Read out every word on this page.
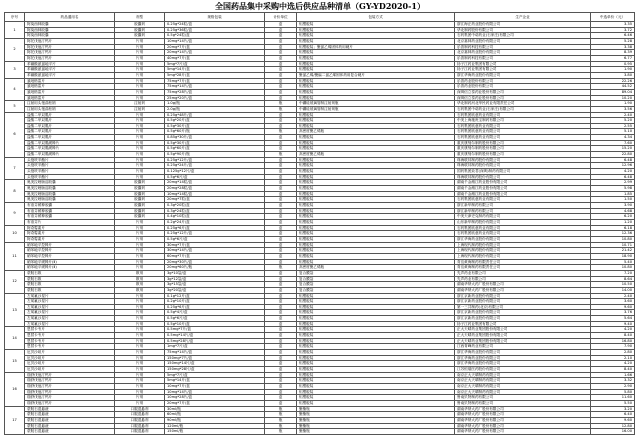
全国药品集中采购中选后供应品种清单（GY-YD2020-1）
序号	药品通用名	剂型	规格包装	计价单位	包装方式	生产企业	中选单价（元）
1	阿莫西林胶囊	胶囊剂	0.25g*24粒/盒	盒	铝塑板装	浙江海正药业股份有限公司	3.35
	阿莫西林胶囊	胶囊剂	0.25g*36粒/盒	盒	铝塑板装	华北制药股份有限公司	3.72
	阿莫西林胶囊	胶囊剂	0.5g*24粒/盒	盒	铝塑板装	石药集团中诺药业(石家庄)有限公司	6.46
2	阿托伐他汀钙片	片剂	10mg*14片/盒	盒	铝塑板装	北京嘉林药业股份有限公司	5.28
	阿托伐他汀钙片	片剂	20mg*7片/盒	盒	铝塑板装；聚氯乙烯固体药用硬片	乐普制药科技有限公司	3.38
	阿托伐他汀钙片	片剂	20mg*14片/盒	盒	铝塑板装	北京嘉林药业股份有限公司	8.39
	阿托伐他汀钙片	片剂	40mg*7片/盒	盒	铝塑板装	乐普制药科技有限公司	6.77
3	苯磺酸氨氯地平片	片剂	5mg*7片/盒	盒	铝塑板装	扬子江药业集团有限公司	0.95
	苯磺酸氨氯地平片	片剂	5mg*14片/盒	盒	铝塑板装	扬子江药业集团有限公司	1.90
	苯磺酸氨氯地平片	片剂	5mg*28片/盒	盒	聚氯乙烯/聚偏二氯乙烯固体药用复合硬片	浙江华海药业股份有限公司	3.80
4	氯吡格雷片	片剂	75mg*7片/盒	盒	铝塑板装	乐普药业股份有限公司	22.26
	氯吡格雷片	片剂	75mg*14片/盒	盒	铝塑板装	乐普药业股份有限公司	44.52
	氯吡格雷片	片剂	75mg*28片/盒	盒	铝塑板装	深圳信立泰药业股份有限公司	89.04
	氯吡格雷片	片剂	25mg*20片/盒	盒	铝塑板装	深圳信立泰药业股份有限公司	10.20
5	注射用头孢曲松钠	注射剂	1.0g/瓶	瓶	中硼硅玻璃管制注射剂瓶	华北制药河北华民药业有限责任公司	1.90
	注射用头孢曲松钠	注射剂	2.0g/瓶	瓶	中硼硅玻璃管制注射剂瓶	石药集团中诺药业(石家庄)有限公司	3.56
6	盐酸二甲双胍片	片剂	0.25g*48片/盒	盒	铝塑板装	石药集团欧意药业有限公司	2.40
	盐酸二甲双胍片	片剂	0.5g*20片/盒	盒	铝塑板装	中美上海施贵宝制药有限公司	5.20
	盐酸二甲双胍片	片剂	0.5g*30片/盒	盒	铝塑板装	石药集团欧意药业有限公司	2.55
	盐酸二甲双胍片	片剂	0.5g*60片/瓶	瓶	高密度聚乙烯瓶	石药集团欧意药业有限公司	5.10
	盐酸二甲双胍片	片剂	0.85g*30片/盒	盒	铝塑板装	石药集团欧意药业有限公司	4.34
	盐酸二甲双胍缓释片	片剂	0.5g*30片/盒	盒	铝塑板装	重庆康刻尔制药股份有限公司	7.60
	盐酸二甲双胍缓释片	片剂	0.5g*60片/盒	盒	铝塑板装	重庆康刻尔制药股份有限公司	15.20
	盐酸二甲双胍缓释片	片剂	0.5g*90片/瓶	瓶	高密度聚乙烯瓶	重庆康刻尔制药股份有限公司	22.80
7	头孢呋辛酯片	片剂	0.25g*12片/盒	盒	铝塑板装	珠海联邦制药股份有限公司	6.48
	头孢呋辛酯片	片剂	0.25g*24片/盒	盒	铝塑板装	珠海联邦制药股份有限公司	12.96
	头孢呋辛酯片	片剂	0.125g*12片/盒	盒	铝塑板装	国药集团致君(深圳)制药有限公司	4.20
	头孢呋辛酯片	片剂	0.5g*6片/盒	盒	铝塑板装	珠海联邦制药股份有限公司	6.48
8	奥美拉唑肠溶胶囊	胶囊剂	20mg*14粒/盒	盒	铝塑板装	湖南千金湘江药业股份有限公司	2.99
	奥美拉唑肠溶胶囊	胶囊剂	20mg*28粒/盒	盒	铝塑板装	湖南千金湘江药业股份有限公司	5.98
	奥美拉唑肠溶胶囊	胶囊剂	10mg*14粒/盒	盒	铝塑板装	湖南千金湘江药业股份有限公司	1.85
	奥美拉唑肠溶胶囊	胶囊剂	20mg*7粒/盒	盒	铝塑板装	石药集团欧意药业有限公司	1.50
9	布洛芬缓释胶囊	胶囊剂	0.3g*20粒/盒	盒	铝塑板装	浙江新华制药有限公司	3.90
	布洛芬缓释胶囊	胶囊剂	0.3g*24粒/盒	盒	铝塑板装	浙江新华制药有限公司	4.68
	布洛芬缓释胶囊	胶囊剂	0.4g*10粒/盒	盒	铝塑板装	中美天津史克制药有限公司	6.20
	布洛芬片	片剂	0.2g*24片/盒	盒	铝塑板装	山东新华制药股份有限公司	1.20
10	阿奇霉素片	片剂	0.25g*6片/盒	盒	铝塑板装	石药集团欧意药业有限公司	6.18
	阿奇霉素片	片剂	0.25g*12片/盒	盒	铝塑板装	石药集团欧意药业有限公司	12.36
	阿奇霉素片	片剂	0.5g*6片/盒	盒	铝塑板装	浙江华海药业股份有限公司	10.80
11	硝苯地平控释片	片剂	30mg*7片/盒	盒	铝塑板装	上海现代制药股份有限公司	10.71
	硝苯地平控释片	片剂	30mg*14片/盒	盒	铝塑板装	上海现代制药股份有限公司	21.42
	硝苯地平控释片	片剂	60mg*7片/盒	盒	铝塑板装	上海现代制药股份有限公司	18.90
	硝苯地平缓释片(Ⅱ)	片剂	20mg*30片/盒	盒	铝塑板装	青岛黄海制药有限责任公司	5.40
	硝苯地平缓释片(Ⅱ)	片剂	20mg*60片/瓶	瓶	高密度聚乙烯瓶	青岛黄海制药有限责任公司	10.80
12	蒙脱石散	散剂	3g*10袋/盒	盒	复合膜袋	先声药业有限公司	7.20
	蒙脱石散	散剂	3g*12袋/盒	盒	复合膜袋	先声药业有限公司	8.64
	蒙脱石散	散剂	3g*15袋/盒	盒	复合膜袋	湖南华纳大药厂股份有限公司	10.50
	蒙脱石散	散剂	3g*20袋/盒	盒	复合膜袋	湖南华纳大药厂股份有限公司	14.00
13	左氧氟沙星片	片剂	0.1g*12片/盒	盒	铝塑板装	浙江京新药业股份有限公司	2.40
	左氧氟沙星片	片剂	0.2g*10片/盒	盒	铝塑板装	浙江京新药业股份有限公司	3.60
	左氧氟沙星片	片剂	0.25g*6片/盒	盒	铝塑板装	第一三共制药(北京)有限公司	9.60
	左氧氟沙星片	片剂	0.5g*4片/盒	盒	铝塑板装	浙江京新药业股份有限公司	3.76
	左氧氟沙星片	片剂	0.5g*6片/盒	盒	铝塑板装	浙江京新药业股份有限公司	5.64
	左氧氟沙星片	片剂	0.5g*10片/盒	盒	铝塑板装	扬子江药业集团有限公司	9.40
14	恩替卡韦片	片剂	0.5mg*7片/盒	盒	铝塑板装	正大天晴药业集团股份有限公司	4.20
	恩替卡韦片	片剂	0.5mg*14片/盒	盒	铝塑板装	正大天晴药业集团股份有限公司	8.40
	恩替卡韦片	片剂	0.5mg*28片/盒	盒	铝塑板装	正大天晴药业集团股份有限公司	16.80
	恩替卡韦片	片剂	1mg*7片/盒	盒	铝塑板装	江西青峰药业有限公司	7.90
15	厄贝沙坦片	片剂	75mg*14片/盒	盒	铝塑板装	浙江华海药业股份有限公司	2.80
	厄贝沙坦片	片剂	150mg*7片/盒	盒	铝塑板装	浙江华海药业股份有限公司	2.10
	厄贝沙坦片	片剂	150mg*14片/盒	盒	铝塑板装	浙江华海药业股份有限公司	4.20
	厄贝沙坦片	片剂	150mg*28片/盒	盒	铝塑板装	江苏恒瑞医药股份有限公司	8.40
16	瑞舒伐他汀钙片	片剂	5mg*7片/盒	盒	铝塑板装	南京正大天晴制药有限公司	1.66
	瑞舒伐他汀钙片	片剂	5mg*14片/盒	盒	铝塑板装	南京正大天晴制药有限公司	3.32
	瑞舒伐他汀钙片	片剂	10mg*7片/盒	盒	铝塑板装	南京正大天晴制药有限公司	2.90
	瑞舒伐他汀钙片	片剂	10mg*14片/盒	盒	铝塑板装	南京正大天晴制药有限公司	5.80
	瑞舒伐他汀钙片	片剂	10mg*28片/盒	盒	铝塑板装	鲁南贝特制药有限公司	11.60
	瑞舒伐他汀钙片	片剂	20mg*7片/盒	盒	铝塑板装	鲁南贝特制药有限公司	5.50
17	蒙脱石混悬液	口服混悬剂	30ml/瓶	瓶	聚酯瓶	湖南华纳大药厂股份有限公司	3.20
	蒙脱石混悬液	口服混悬剂	60ml/瓶	瓶	聚酯瓶	湖南华纳大药厂股份有限公司	6.40
	蒙脱石混悬液	口服混悬剂	90ml/瓶	瓶	聚酯瓶	湖南华纳大药厂股份有限公司	9.60
	蒙脱石混悬液	口服混悬剂	120ml/瓶	瓶	聚酯瓶	湖南华纳大药厂股份有限公司	12.80
	蒙脱石混悬液	口服混悬剂	150ml/瓶	瓶	聚酯瓶	湖南华纳大药厂股份有限公司	16.00
